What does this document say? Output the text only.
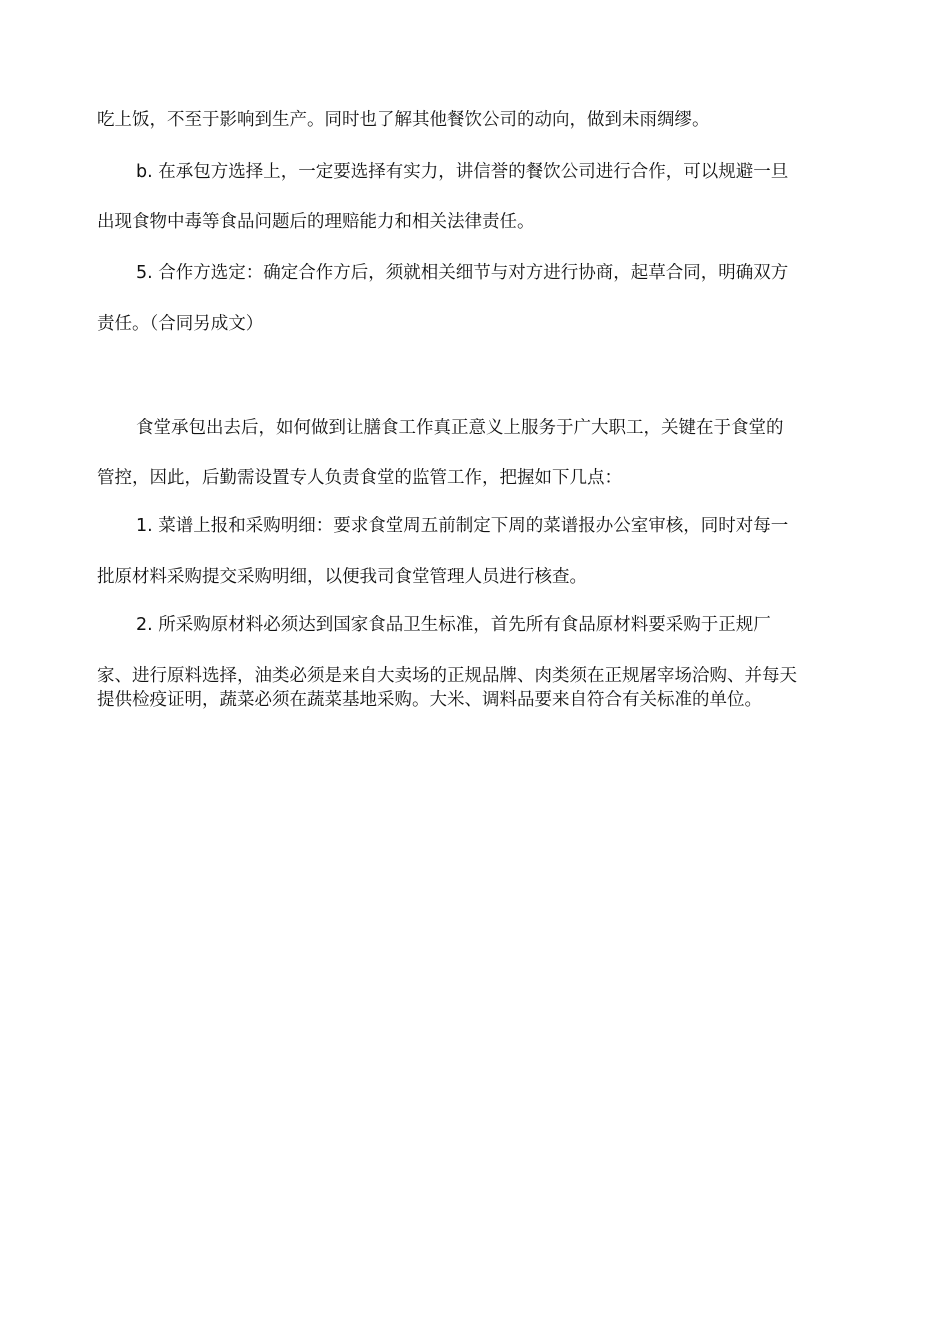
吃上饭，不至于影响到生产。同时也了解其他餐饮公司的动向，做到未雨绸缪。

b. 在承包方选择上，一定要选择有实力，讲信誉的餐饮公司进行合作，可以规避一旦

出现食物中毒等食品问题后的理赔能力和相关法律责任。

5. 合作方选定：确定合作方后，须就相关细节与对方进行协商，起草合同，明确双方

责任。（合同另成文）

食堂承包出去后，如何做到让膳食工作真正意义上服务于广大职工，关键在于食堂的

管控，因此，后勤需设置专人负责食堂的监管工作，把握如下几点：

1. 菜谱上报和采购明细：要求食堂周五前制定下周的菜谱报办公室审核，同时对每一

批原材料采购提交采购明细，以便我司食堂管理人员进行核查。

2. 所采购原材料必须达到国家食品卫生标准，首先所有食品原材料要采购于正规厂

家、进行原料选择，油类必须是来自大卖场的正规品牌、肉类须在正规屠宰场洽购、并每天

提供检疫证明，蔬菜必须在蔬菜基地采购。大米、调料品要来自符合有关标准的单位。
